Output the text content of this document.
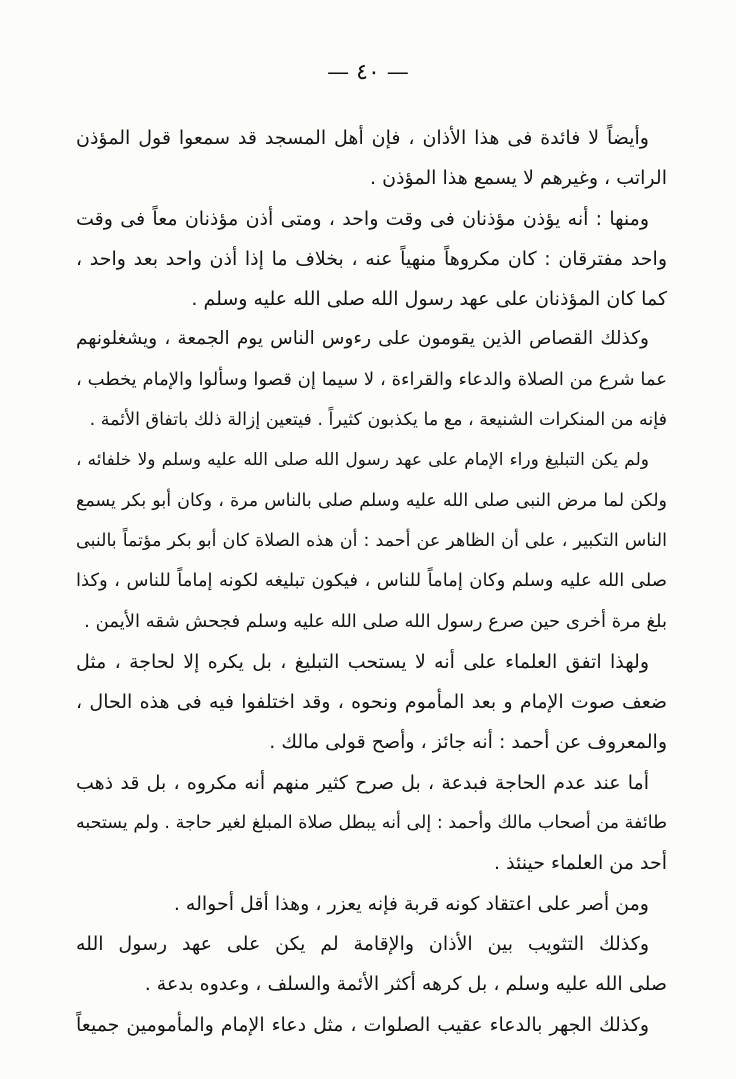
— ٤٠ —
وأيضاً لا فائدة فى هذا الأذان ، فإن أهل المسجد قد سمعوا قول المؤذن
الراتب ، وغيرهم لا يسمع هذا المؤذن .
ومنها : أنه يؤذن مؤذنان فى وقت واحد ، ومتى أذن مؤذنان معاً فى وقت
واحد مفترقان : كان مكروهاً منهياً عنه ، بخلاف ما إذا أذن واحد بعد واحد ،
كما كان المؤذنان على عهد رسول الله صلى الله عليه وسلم .
وكذلك القصاص الذين يقومون على رءوس الناس يوم الجمعة ، ويشغلونهم
عما شرع من الصلاة والدعاء والقراءة ، لا سيما إن قصوا وسألوا والإمام يخطب ،
فإنه من المنكرات الشنيعة ، مع ما يكذبون كثيراً . فيتعين إزالة ذلك باتفاق الأئمة .
ولم يكن التبليغ وراء الإمام على عهد رسول الله صلى الله عليه وسلم ولا خلفائه ،
ولكن لما مرض النبى صلى الله عليه وسلم صلى بالناس مرة ، وكان أبو بكر يسمع
الناس التكبير ، على أن الظاهر عن أحمد : أن هذه الصلاة كان أبو بكر مؤتماً بالنبى
صلى الله عليه وسلم وكان إماماً للناس ، فيكون تبليغه لكونه إماماً للناس ، وكذا
بلغ مرة أخرى حين صرع رسول الله صلى الله عليه وسلم فجحش شقه الأيمن .
ولهذا اتفق العلماء على أنه لا يستحب التبليغ ، بل يكره إلا لحاجة ، مثل
ضعف صوت الإمام و بعد المأموم ونحوه ، وقد اختلفوا فيه فى هذه الحال ،
والمعروف عن أحمد : أنه جائز ، وأصح قولى مالك .
أما عند عدم الحاجة فبدعة ، بل صرح كثير منهم أنه مكروه ، بل قد ذهب
طائفة من أصحاب مالك وأحمد : إلى أنه يبطل صلاة المبلغ لغير حاجة . ولم يستحبه
أحد من العلماء حينئذ .
ومن أصر على اعتقاد كونه قربة فإنه يعزر ، وهذا أقل أحواله .
وكذلك التثويب بين الأذان والإقامة لم يكن على عهد رسول الله
صلى الله عليه وسلم ، بل كرهه أكثر الأئمة والسلف ، وعدوه بدعة .
وكذلك الجهر بالدعاء عقيب الصلوات ، مثل دعاء الإمام والمأمومين جميعاً
